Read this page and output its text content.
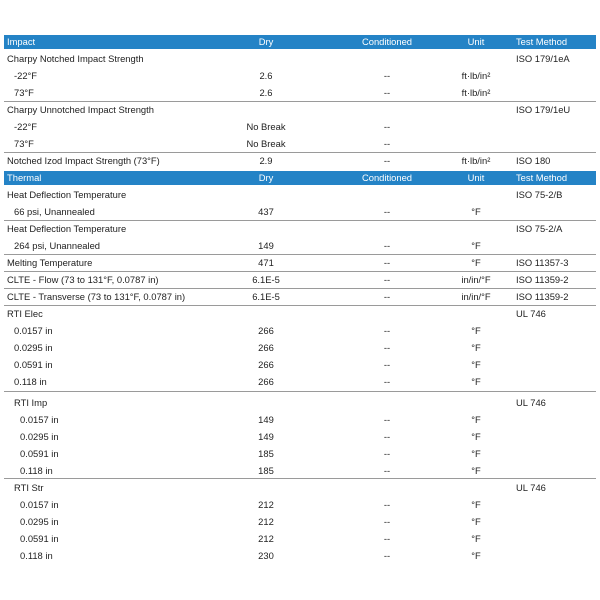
Impact	Dry	Conditioned	Unit	Test Method
Charpy Notched Impact Strength	ISO 179/1eA
-22°F	2.6	--	ft·lb/in²
73°F	2.6	--	ft·lb/in²
Charpy Unnotched Impact Strength	ISO 179/1eU
-22°F	No Break	--
73°F	No Break	--
Notched Izod Impact Strength (73°F)	2.9	--	ft·lb/in²	ISO 180
Thermal	Dry	Conditioned	Unit	Test Method
Heat Deflection Temperature	ISO 75-2/B
66 psi, Unannealed	437	--	°F
Heat Deflection Temperature	ISO 75-2/A
264 psi, Unannealed	149	--	°F
Melting Temperature	471	--	°F	ISO 11357-3
CLTE - Flow (73 to 131°F, 0.0787 in)	6.1E-5	--	in/in/°F	ISO 11359-2
CLTE - Transverse (73 to 131°F, 0.0787 in)	6.1E-5	--	in/in/°F	ISO 11359-2
RTI Elec	UL 746
0.0157 in	266	--	°F
0.0295 in	266	--	°F
0.0591 in	266	--	°F
0.118 in	266	--	°F
RTI Imp	UL 746
0.0157 in	149	--	°F
0.0295 in	149	--	°F
0.0591 in	185	--	°F
0.118 in	185	--	°F
RTI Str	UL 746
0.0157 in	212	--	°F
0.0295 in	212	--	°F
0.0591 in	212	--	°F
0.118 in	230	--	°F
